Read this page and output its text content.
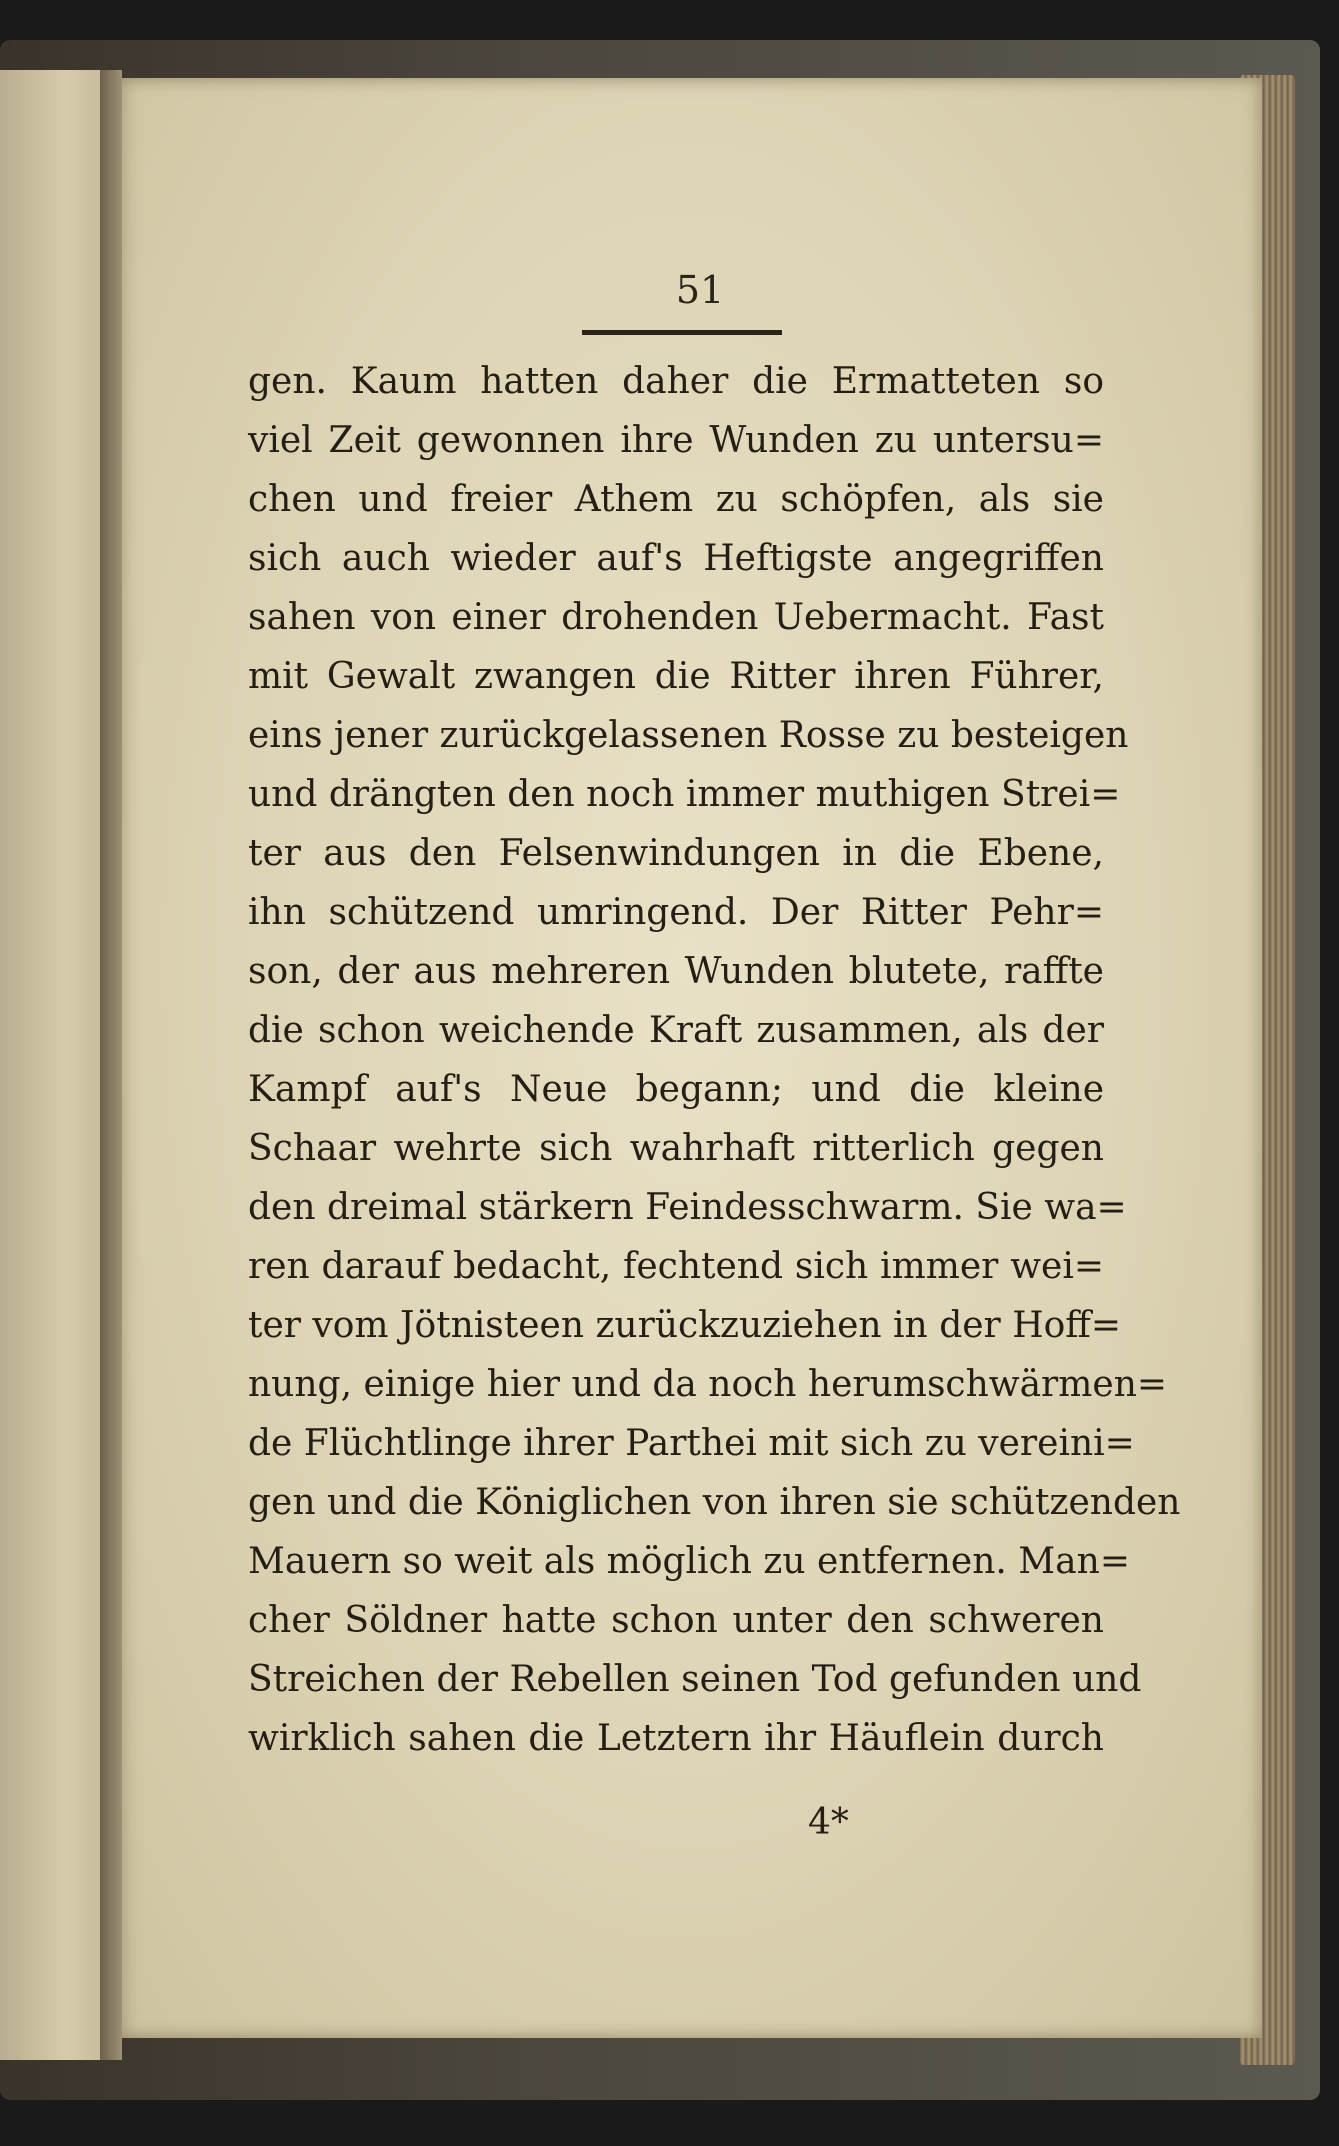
51
gen. Kaum hatten daher die Ermatteten so
viel Zeit gewonnen ihre Wunden zu untersu=
chen und freier Athem zu schöpfen, als sie
sich auch wieder auf's Heftigste angegriffen
sahen von einer drohenden Uebermacht. Fast
mit Gewalt zwangen die Ritter ihren Führer,
eins jener zurückgelassenen Rosse zu besteigen
und drängten den noch immer muthigen Strei=
ter aus den Felsenwindungen in die Ebene,
ihn schützend umringend. Der Ritter Pehr=
son, der aus mehreren Wunden blutete, raffte
die schon weichende Kraft zusammen, als der
Kampf auf's Neue begann; und die kleine
Schaar wehrte sich wahrhaft ritterlich gegen
den dreimal stärkern Feindesschwarm. Sie wa=
ren darauf bedacht, fechtend sich immer wei=
ter vom Jötnisteen zurückzuziehen in der Hoff=
nung, einige hier und da noch herumschwärmen=
de Flüchtlinge ihrer Parthei mit sich zu vereini=
gen und die Königlichen von ihren sie schützenden
Mauern so weit als möglich zu entfernen. Man=
cher Söldner hatte schon unter den schweren
Streichen der Rebellen seinen Tod gefunden und
wirklich sahen die Letztern ihr Häuflein durch
4*
